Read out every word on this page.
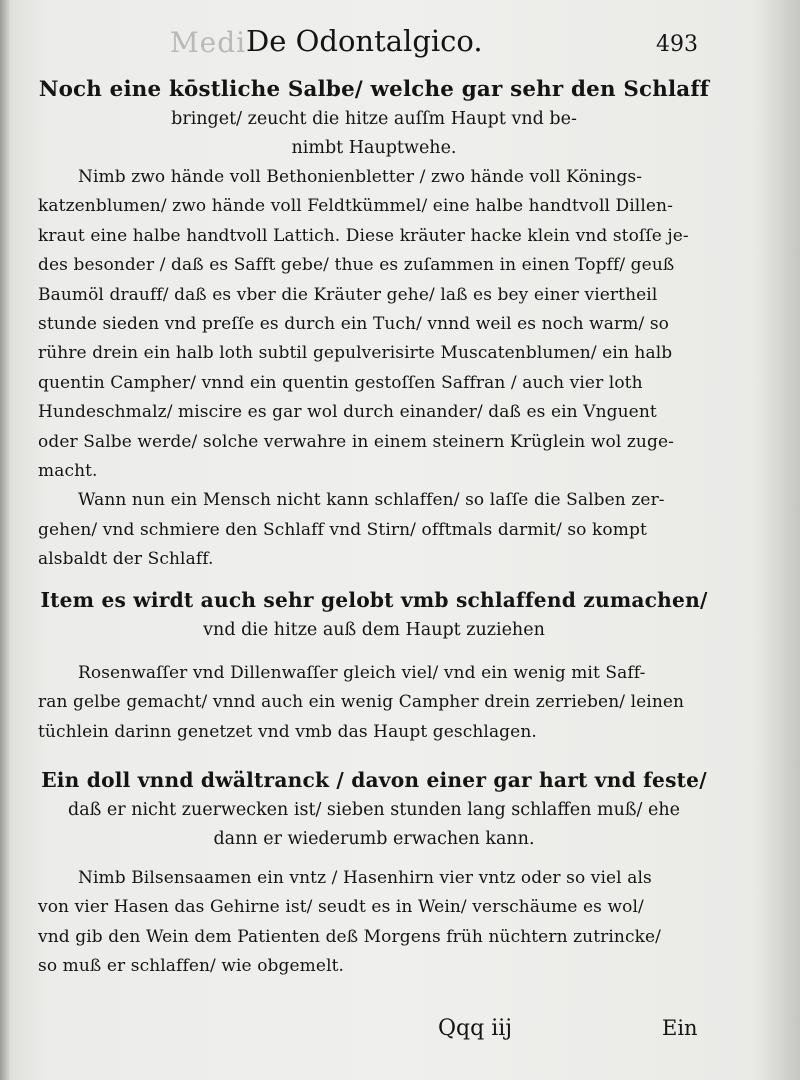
Medi De Odontalgico.	493
Noch eine kōstliche Salbe/ welche gar sehr den Schlaff
bringet/ zeucht die hitze auſſm Haupt vnd be-
nimbt Hauptwehe.

Nimb zwo hände voll Bethonienbletter / zwo hände voll Könings-

katzenblumen/ zwo hände voll Feldtkümmel/ eine halbe handtvoll Dillen-

kraut eine halbe handtvoll Lattich. Diese kräuter hacke klein vnd stoſſe je-

des besonder / daß es Safft gebe/ thue es zuſammen in einen Topff/ geuß

Baumöl drauff/ daß es vber die Kräuter gehe/ laß es bey einer viertheil

stunde sieden vnd preſſe es durch ein Tuch/ vnnd weil es noch warm/ so

rühre drein ein halb loth subtil gepulverisirte Muscatenblumen/ ein halb

quentin Campher/ vnnd ein quentin gestoſſen Saffran / auch vier loth

Hundeschmalz/ miscire es gar wol durch einander/ daß es ein Vnguent

oder Salbe werde/ solche verwahre in einem steinern Krüglein wol zuge-

macht.

Wann nun ein Mensch nicht kann schlaffen/ so laſſe die Salben zer-

gehen/ vnd schmiere den Schlaff vnd Stirn/ offtmals darmit/ so kompt

alsbaldt der Schlaff.

Item es wirdt auch sehr gelobt vmb schlaffend zumachen/
vnd die hitze auß dem Haupt zuziehen

Rosenwaſſer vnd Dillenwaſſer gleich viel/ vnd ein wenig mit Saff-

ran gelbe gemacht/ vnnd auch ein wenig Campher drein zerrieben/ leinen

tüchlein darinn genetzet vnd vmb das Haupt geschlagen.

Ein doll vnnd dwältranck / davon einer gar hart vnd feste/
daß er nicht zuerwecken ist/ sieben stunden lang schlaffen muß/ ehe
dann er wiederumb erwachen kann.

Nimb Bilsensaamen ein vntz / Hasenhirn vier vntz oder so viel als

von vier Hasen das Gehirne ist/ seudt es in Wein/ verschäume es wol/

vnd gib den Wein dem Patienten deß Morgens früh nüchtern zutrincke/

so muß er schlaffen/ wie obgemelt.

Qqq iij	Ein
